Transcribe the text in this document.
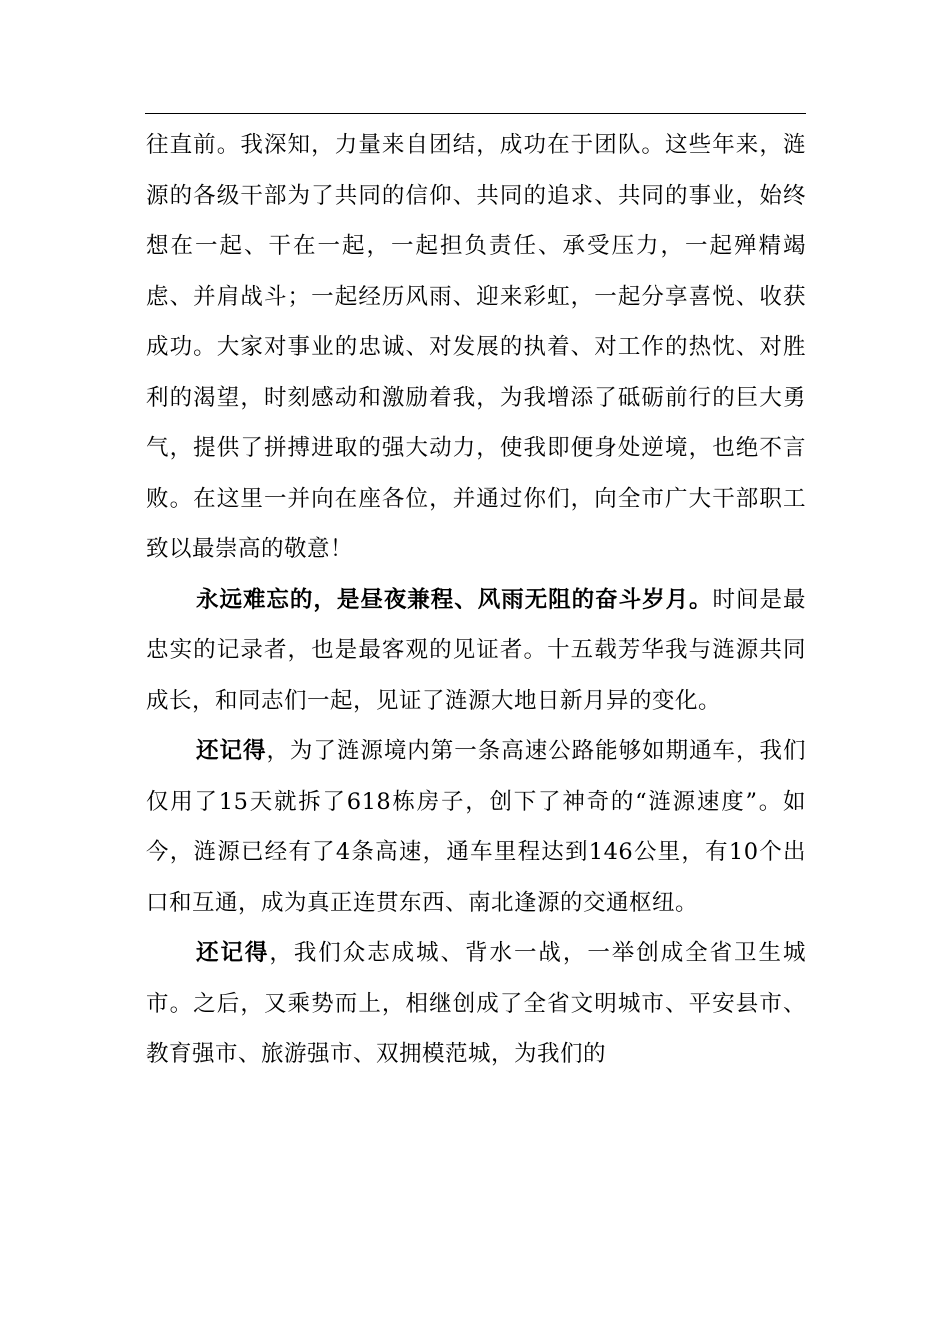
往直前。我深知，力量来自团结，成功在于团队。这些年来，涟源的各级干部为了共同的信仰、共同的追求、共同的事业，始终想在一起、干在一起，一起担负责任、承受压力，一起殚精竭虑、并肩战斗；一起经历风雨、迎来彩虹，一起分享喜悦、收获成功。大家对事业的忠诚、对发展的执着、对工作的热忱、对胜利的渴望，时刻感动和激励着我，为我增添了砥砺前行的巨大勇气，提供了拼搏进取的强大动力，使我即便身处逆境，也绝不言败。在这里一并向在座各位，并通过你们，向全市广大干部职工致以最崇高的敬意！

永远难忘的，是昼夜兼程、风雨无阻的奋斗岁月。时间是最忠实的记录者，也是最客观的见证者。十五载芳华我与涟源共同成长，和同志们一起，见证了涟源大地日新月异的变化。

还记得，为了涟源境内第一条高速公路能够如期通车，我们仅用了15天就拆了618栋房子，创下了神奇的“涟源速度”。如今，涟源已经有了4条高速，通车里程达到146公里，有10个出口和互通，成为真正连贯东西、南北逢源的交通枢纽。

还记得，我们众志成城、背水一战，一举创成全省卫生城市。之后，又乘势而上，相继创成了全省文明城市、平安县市、教育强市、旅游强市、双拥模范城，为我们的
